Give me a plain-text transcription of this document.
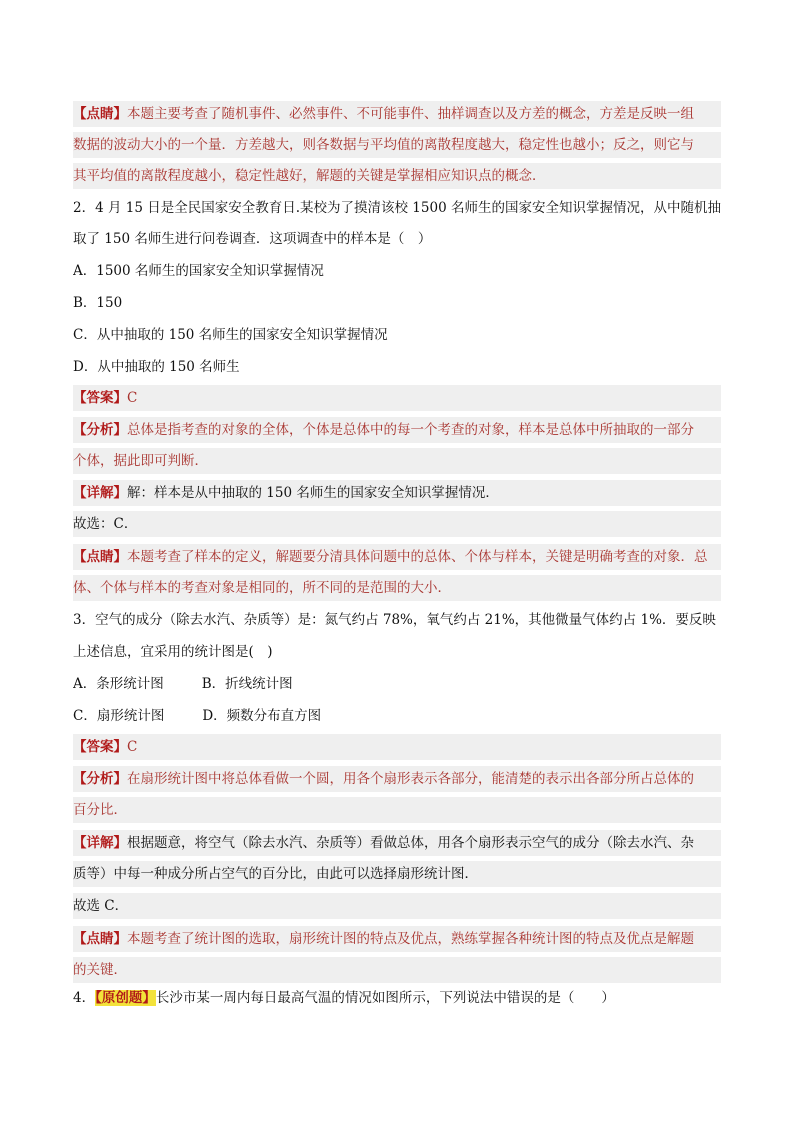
【点睛】本题主要考查了随机事件、必然事件、不可能事件、抽样调查以及方差的概念，方差是反映一组
数据的波动大小的一个量．方差越大，则各数据与平均值的离散程度越大，稳定性也越小；反之，则它与
其平均值的离散程度越小，稳定性越好，解题的关键是掌握相应知识点的概念．
2．4 月 15 日是全民国家安全教育日.某校为了摸清该校 1500 名师生的国家安全知识掌握情况，从中随机抽
取了 150 名师生进行问卷调查．这项调查中的样本是（　）
A．1500 名师生的国家安全知识掌握情况
B．150
C．从中抽取的 150 名师生的国家安全知识掌握情况
D．从中抽取的 150 名师生
【答案】C
【分析】总体是指考查的对象的全体，个体是总体中的每一个考查的对象，样本是总体中所抽取的一部分
个体，据此即可判断．
【详解】解：样本是从中抽取的 150 名师生的国家安全知识掌握情况．
故选：C．
【点睛】本题考查了样本的定义，解题要分清具体问题中的总体、个体与样本，关键是明确考查的对象．总
体、个体与样本的考查对象是相同的，所不同的是范围的大小．
3．空气的成分（除去水汽、杂质等）是：氮气约占 78%，氧气约占 21%，其他微量气体约占 1%．要反映
上述信息，宜采用的统计图是(　)
A．条形统计图	B．折线统计图
C．扇形统计图	D．频数分布直方图
【答案】C
【分析】在扇形统计图中将总体看做一个圆，用各个扇形表示各部分，能清楚的表示出各部分所占总体的
百分比．
【详解】根据题意，将空气（除去水汽、杂质等）看做总体，用各个扇形表示空气的成分（除去水汽、杂
质等）中每一种成分所占空气的百分比，由此可以选择扇形统计图．
故选 C．
【点睛】本题考查了统计图的选取，扇形统计图的特点及优点，熟练掌握各种统计图的特点及优点是解题
的关键．
4．【原创题】长沙市某一周内每日最高气温的情况如图所示，下列说法中错误的是（　　）
